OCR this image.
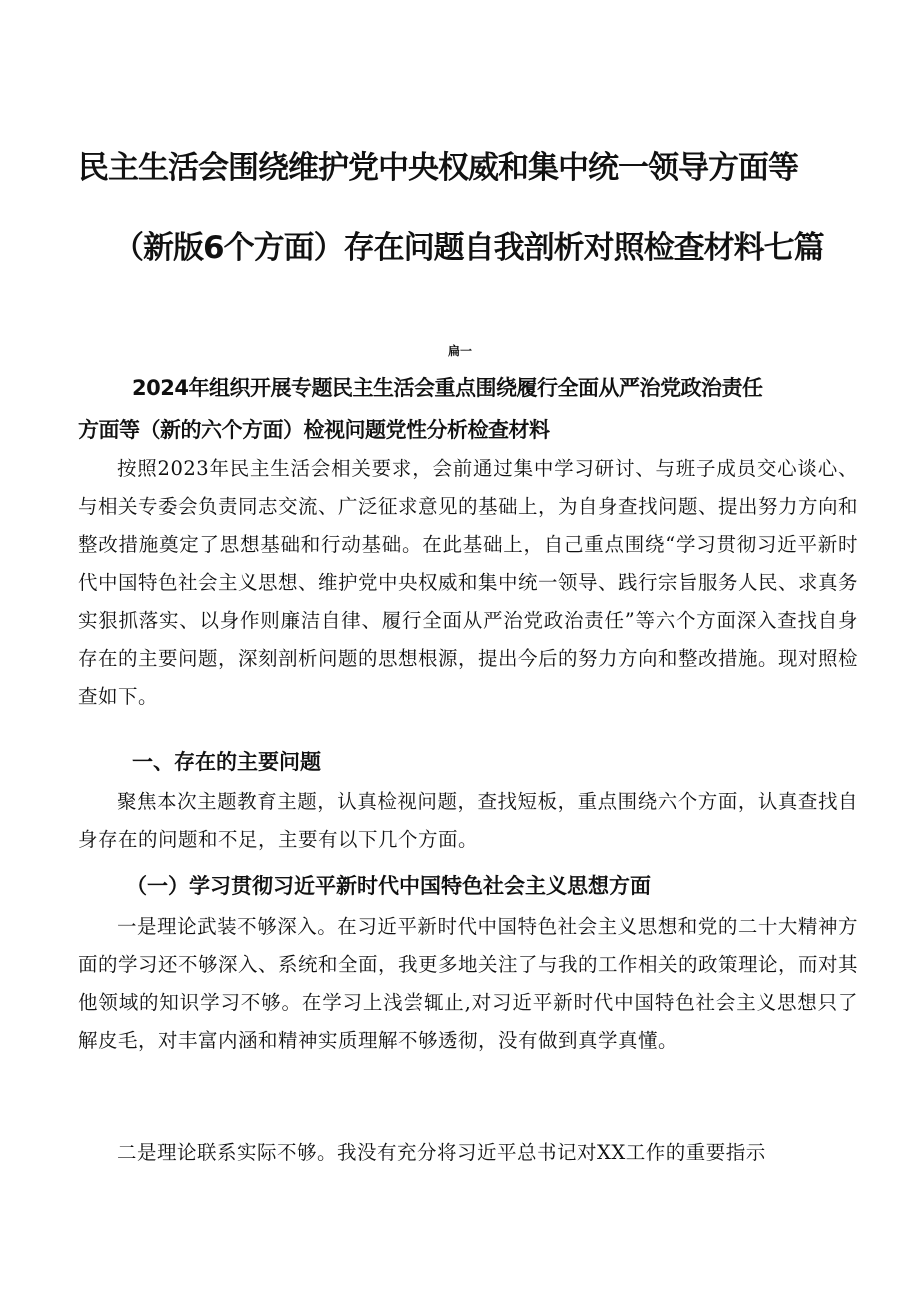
民主生活会围绕维护党中央权威和集中统一领导方面等
（新版6个方面）存在问题自我剖析对照检查材料七篇
扁一
2024年组织开展专题民主生活会重点围绕履行全面从严治党政治责任
方面等（新的六个方面）检视问题党性分析检查材料

按照2023年民主生活会相关要求，会前通过集中学习研讨、与班子成员交心谈心、与相关专委会负责同志交流、广泛征求意见的基础上，为自身查找问题、提出努力方向和整改措施奠定了思想基础和行动基础。在此基础上，自己重点围绕“学习贯彻习近平新时代中国特色社会主义思想、维护党中央权威和集中统一领导、践行宗旨服务人民、求真务实狠抓落实、以身作则廉洁自律、履行全面从严治党政治责任”等六个方面深入查找自身存在的主要问题，深刻剖析问题的思想根源，提出今后的努力方向和整改措施。现对照检查如下。

一、存在的主要问题

聚焦本次主题教育主题，认真检视问题，查找短板，重点围绕六个方面，认真查找自身存在的问题和不足，主要有以下几个方面。

（一）学习贯彻习近平新时代中国特色社会主义思想方面

一是理论武装不够深入。在习近平新时代中国特色社会主义思想和党的二十大精神方面的学习还不够深入、系统和全面，我更多地关注了与我的工作相关的政策理论，而对其他领域的知识学习不够。在学习上浅尝辄止,对习近平新时代中国特色社会主义思想只了解皮毛，对丰富内涵和精神实质理解不够透彻，没有做到真学真懂。

二是理论联系实际不够。我没有充分将习近平总书记对XX工作的重要指示
